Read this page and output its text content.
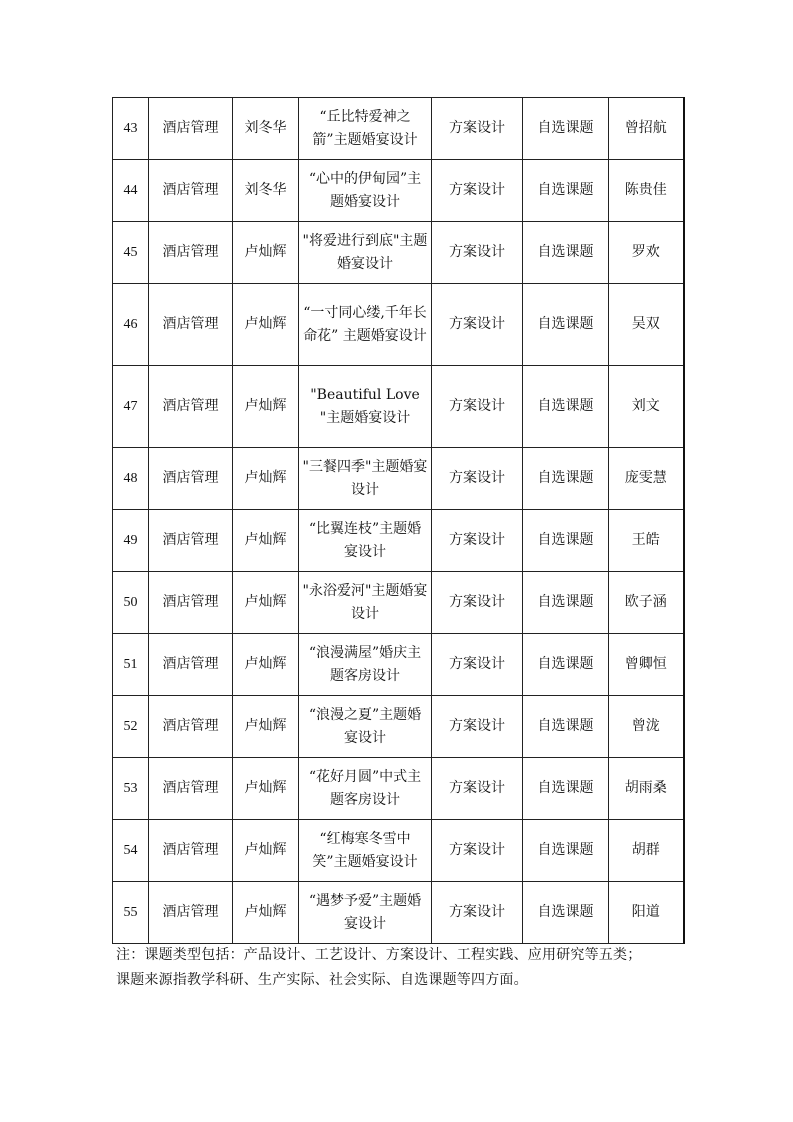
43	酒店管理	刘冬华	“丘比特爱神之箭”主题婚宴设计	方案设计	自选课题	曾招航
44	酒店管理	刘冬华	“心中的伊甸园”主题婚宴设计	方案设计	自选课题	陈贵佳
45	酒店管理	卢灿辉	"将爱进行到底"主题婚宴设计	方案设计	自选课题	罗欢
46	酒店管理	卢灿辉	“一寸同心缕,千年长命花” 主题婚宴设计	方案设计	自选课题	吴双
47	酒店管理	卢灿辉	"Beautiful Love "主题婚宴设计	方案设计	自选课题	刘文
48	酒店管理	卢灿辉	"三餐四季"主题婚宴设计	方案设计	自选课题	庞雯慧
49	酒店管理	卢灿辉	“比翼连枝”主题婚宴设计	方案设计	自选课题	王皓
50	酒店管理	卢灿辉	"永浴爱河"主题婚宴设计	方案设计	自选课题	欧子涵
51	酒店管理	卢灿辉	“浪漫满屋”婚庆主题客房设计	方案设计	自选课题	曾卿恒
52	酒店管理	卢灿辉	“浪漫之夏”主题婚宴设计	方案设计	自选课题	曾泷
53	酒店管理	卢灿辉	“花好月圆”中式主题客房设计	方案设计	自选课题	胡雨桑
54	酒店管理	卢灿辉	“红梅寒冬雪中笑”主题婚宴设计	方案设计	自选课题	胡群
55	酒店管理	卢灿辉	“遇梦予爱”主题婚宴设计	方案设计	自选课题	阳道
注：课题类型包括：产品设计、工艺设计、方案设计、工程实践、应用研究等五类；
课题来源指教学科研、生产实际、社会实际、自选课题等四方面。
